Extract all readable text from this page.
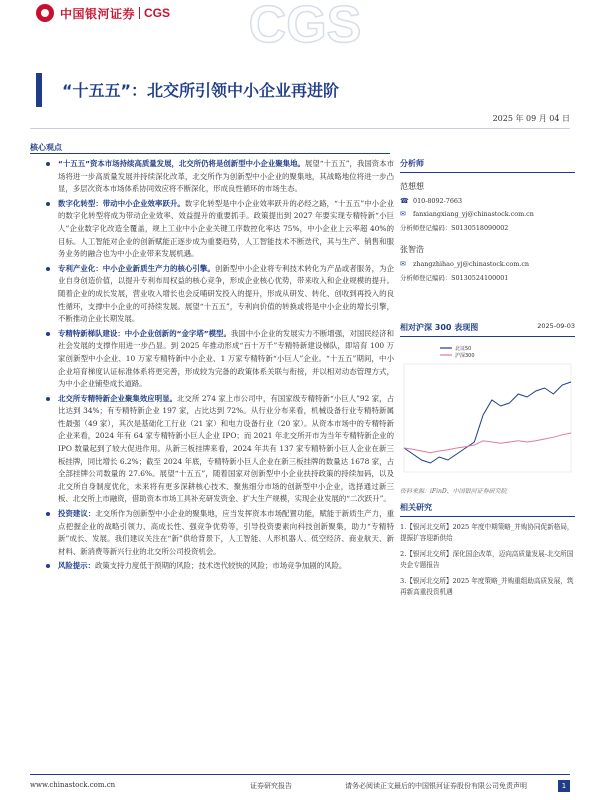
CGS
中国银河证券 CGS
“十五五”：北交所引领中小企业再进阶
2025 年 09 月 04 日
核心观点
“十五五”资本市场持续高质量发展，北交所仍将是创新型中小企业聚集地。展望“十五五”，我国资本市场将进一步高质量发展并持续深化改革，北交所作为创新型中小企业的聚集地，其战略地位将进一步凸显，多层次资本市场体系协同效应将不断深化，形成良性循环的市场生态。
数字化转型：带动中小企业效率跃升。数字化转型是中小企业效率跃升的必经之路，“十五五”中小企业的数字化转型将成为带动企业效率、效益提升的重要抓手。政策提出到 2027 年要实现专精特新“小巨人”企业数字化改造全覆盖，规上工业中小企业关键工序数控化率达 75%，中小企业上云率超 40%的目标。人工智能对企业的创新赋能正逐步成为重要趋势，人工智能技术不断迭代，其与生产、销售和服务业务的融合也为中小企业带来发展机遇。
专利产业化：中小企业新质生产力的核心引擎。创新型中小企业将专利技术转化为产品或者服务，为企业自身创造价值，以提升专利布局权益的核心竞争，形成企业核心优势，带来收入和企业规模的提升。随着企业的成长发展，营业收入增长也会反哺研发投入的提升，形成从研发、转化、创收到再投入的良性循环，支撑中小企业的可持续发展。展望“十五五”，专利向价值的转换或将是中小企业的增长引擎，不断推动企业长期发展。
专精特新梯队建设：中小企业创新的“金字塔”模型。我国中小企业的发展实力不断增强，对国民经济和社会发展的支撑作用进一步凸显。到 2025 年推动形成“百十万千”专精特新建设梯队，即培育 100 万家创新型中小企业、10 万家专精特新中小企业、1 万家专精特新“小巨人”企业。“十五五”期间，中小企业培育梯度认证标准体系将更完善，形成较为完备的政策体系关联与衔接，并以相对动态管理方式，为中小企业铺垫成长道路。
北交所专精特新企业聚集效应明显。北交所 274 家上市公司中，有国家级专精特新“小巨人”92 家，占比达到 34%；有专精特新企业 197 家，占比达到 72%。从行业分布来看，机械设备行业专精特新属性最强（49 家），其次是基础化工行业（21 家）和电力设备行业（20 家）。从资本市场中的专精特新企业来看，2024 年有 64 家专精特新小巨人企业 IPO；而 2021 年北交所开市为当年专精特新企业的 IPO 数量起到了较大促进作用。从新三板挂牌来看，2024 年共有 137 家专精特新小巨人企业在新三板挂牌，同比增长 6.2%；截至 2024 年底，专精特新小巨人企业在新三板挂牌的数量达 1678 家，占全部挂牌公司数量的 27.6%。展望“十五五”，随着国家对创新型中小企业扶持政策的持续加码，以及北交所自身制度优化，未来将有更多深耕核心技术、聚焦细分市场的创新型中小企业，选择通过新三板、北交所上市融资，借助资本市场工具补充研发资金、扩大生产规模，实现企业发展的“二次跃升”。
投资建议：北交所作为创新型中小企业的聚集地，应当发挥资本市场配置功能，赋能于新质生产力，重点把握企业的战略引领力、高成长性、强竞争优势等，引导投资要素向科技创新聚集，助力“专精特新”成长、发展。我们建议关注在“新”供给背景下，人工智能、人形机器人、低空经济、商业航天、新材料、新消费等新兴行业的北交所公司投资机会。
风险提示：政策支持力度低于预期的风险；技术迭代较快的风险；市场竞争加剧的风险。
分析师
范想想
☎ 010-8092-7663
✉	fanxiangxiang_yj@chinastock.com.cn
分析师登记编码：S0130518090002
张智浩
✉	zhangzhihao_yj@chinastock.com.cn
分析师登记编码：S0130524100001
相对沪深 300 表现图	2025-09-03
北证50
沪深300
资料来源：iFinD、中国银河证券研究院
相关研究
1.【银河北交所】2025 年度中期策略_并购协同促新格局，提振扩容迎新供给
2.【银河北交所】深化国企改革，迈向高质量发展-北交所国央企专题报告
3.【银河北交所】2025 年度策略_并购重组助高质发展，筑再新高重投资机遇
www.chinastock.com.cn	证券研究报告	请务必阅读正文最后的中国银河证券股份有限公司免责声明	1
